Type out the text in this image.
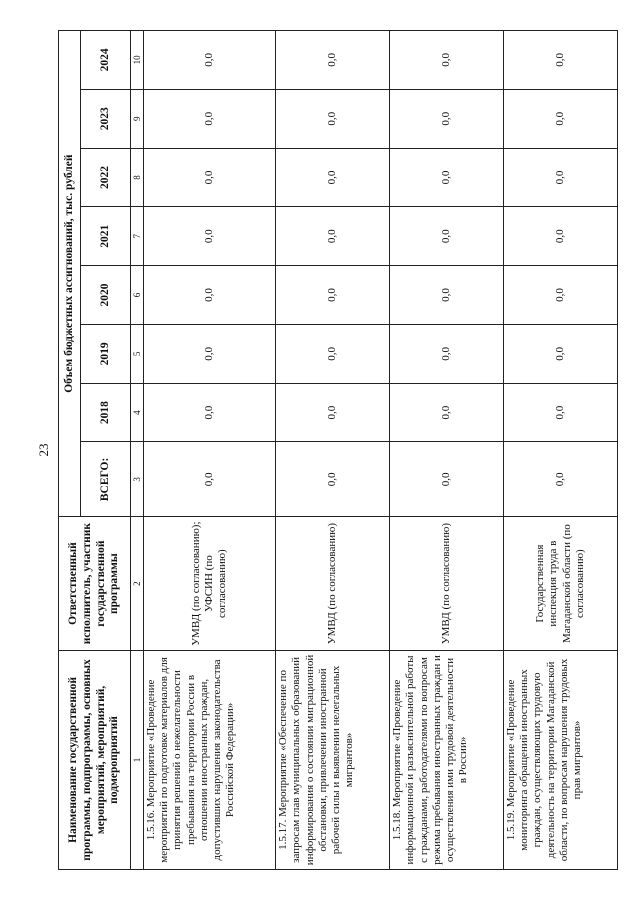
23
Наименование государственной программы, подпрограммы, основных мероприятий, мероприятий, подмероприятий	Ответственный исполнитель, участник государственной программы	Объем бюджетных ассигнований, тыс. рублей							
		ВСЕГО:	2018	2019	2020	2021	2022	2023	2024
1	2	3	4	5	6	7	8	9	10
1.5.16. Мероприятие «Проведение мероприятий по подготовке материалов для принятия решений о нежелательности пребывания на территории России в отношении иностранных граждан, допустивших нарушения законодательства Российской Федерации»	УМВД (по согласованию); УФСИН (по согласованию)	0,0	0,0	0,0	0,0	0,0	0,0	0,0	0,0
1.5.17. Мероприятие «Обеспечение по запросам глав муниципальных образований информирования о состоянии миграционной обстановки, привлечении иностранной рабочей силы и выявлении нелегальных мигрантов»	УМВД (по согласованию)	0,0	0,0	0,0	0,0	0,0	0,0	0,0	0,0
1.5.18. Мероприятие «Проведение информационной и разъяснительной работы с гражданами, работодателями по вопросам режима пребывания иностранных граждан и осуществления ими трудовой деятельности в России»	УМВД (по согласованию)	0,0	0,0	0,0	0,0	0,0	0,0	0,0	0,0
1.5.19. Мероприятие «Проведение мониторинга обращений иностранных граждан, осуществляющих трудовую деятельность на территории Магаданской области, по вопросам нарушения трудовых прав мигрантов»	Государственная инспекция труда в Магаданской области (по согласованию)	0,0	0,0	0,0	0,0	0,0	0,0	0,0	0,0
